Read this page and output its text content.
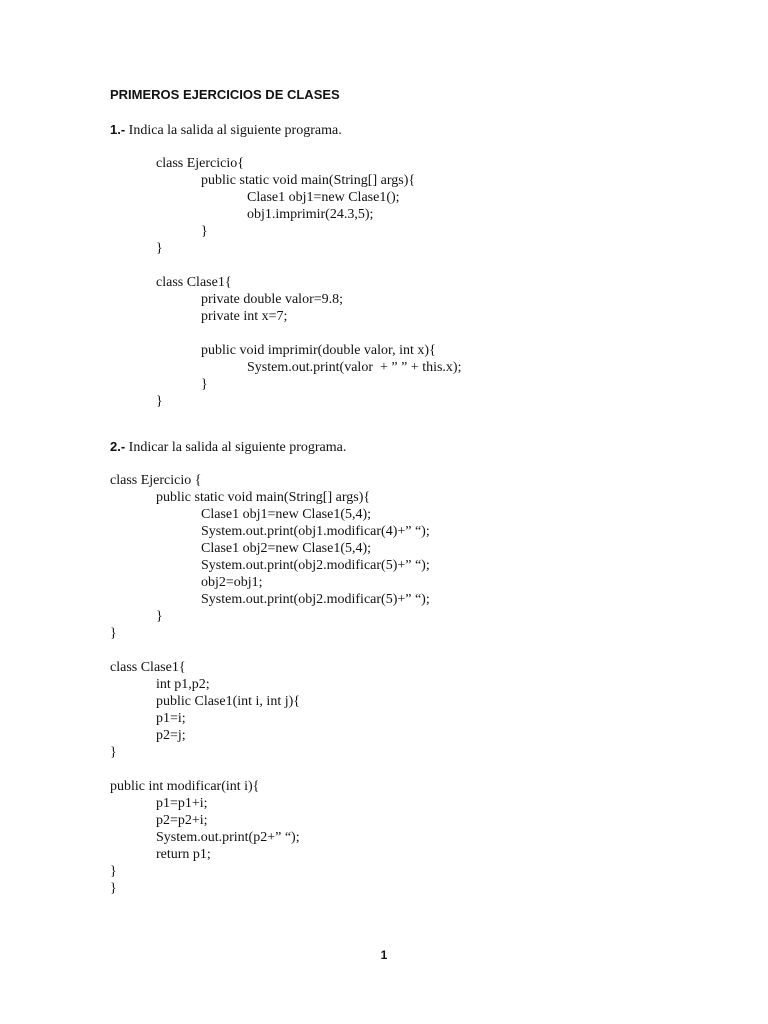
PRIMEROS EJERCICIOS DE CLASES
1.- Indica la salida al siguiente programa.
class Ejercicio{
public static void main(String[] args){
Clase1 obj1=new Clase1();
obj1.imprimir(24.3,5);
}
}
class Clase1{
private double valor=9.8;
private int x=7;
public void imprimir(double valor, int x){
System.out.print(valor  + ” ” + this.x);
}
}
2.- Indicar la salida al siguiente programa.
class Ejercicio {
public static void main(String[] args){
Clase1 obj1=new Clase1(5,4);
System.out.print(obj1.modificar(4)+” “);
Clase1 obj2=new Clase1(5,4);
System.out.print(obj2.modificar(5)+” “);
obj2=obj1;
System.out.print(obj2.modificar(5)+” “);
}
}
class Clase1{
int p1,p2;
public Clase1(int i, int j){
p1=i;
p2=j;
}
public int modificar(int i){
p1=p1+i;
p2=p2+i;
System.out.print(p2+” “);
return p1;
}
}
1
